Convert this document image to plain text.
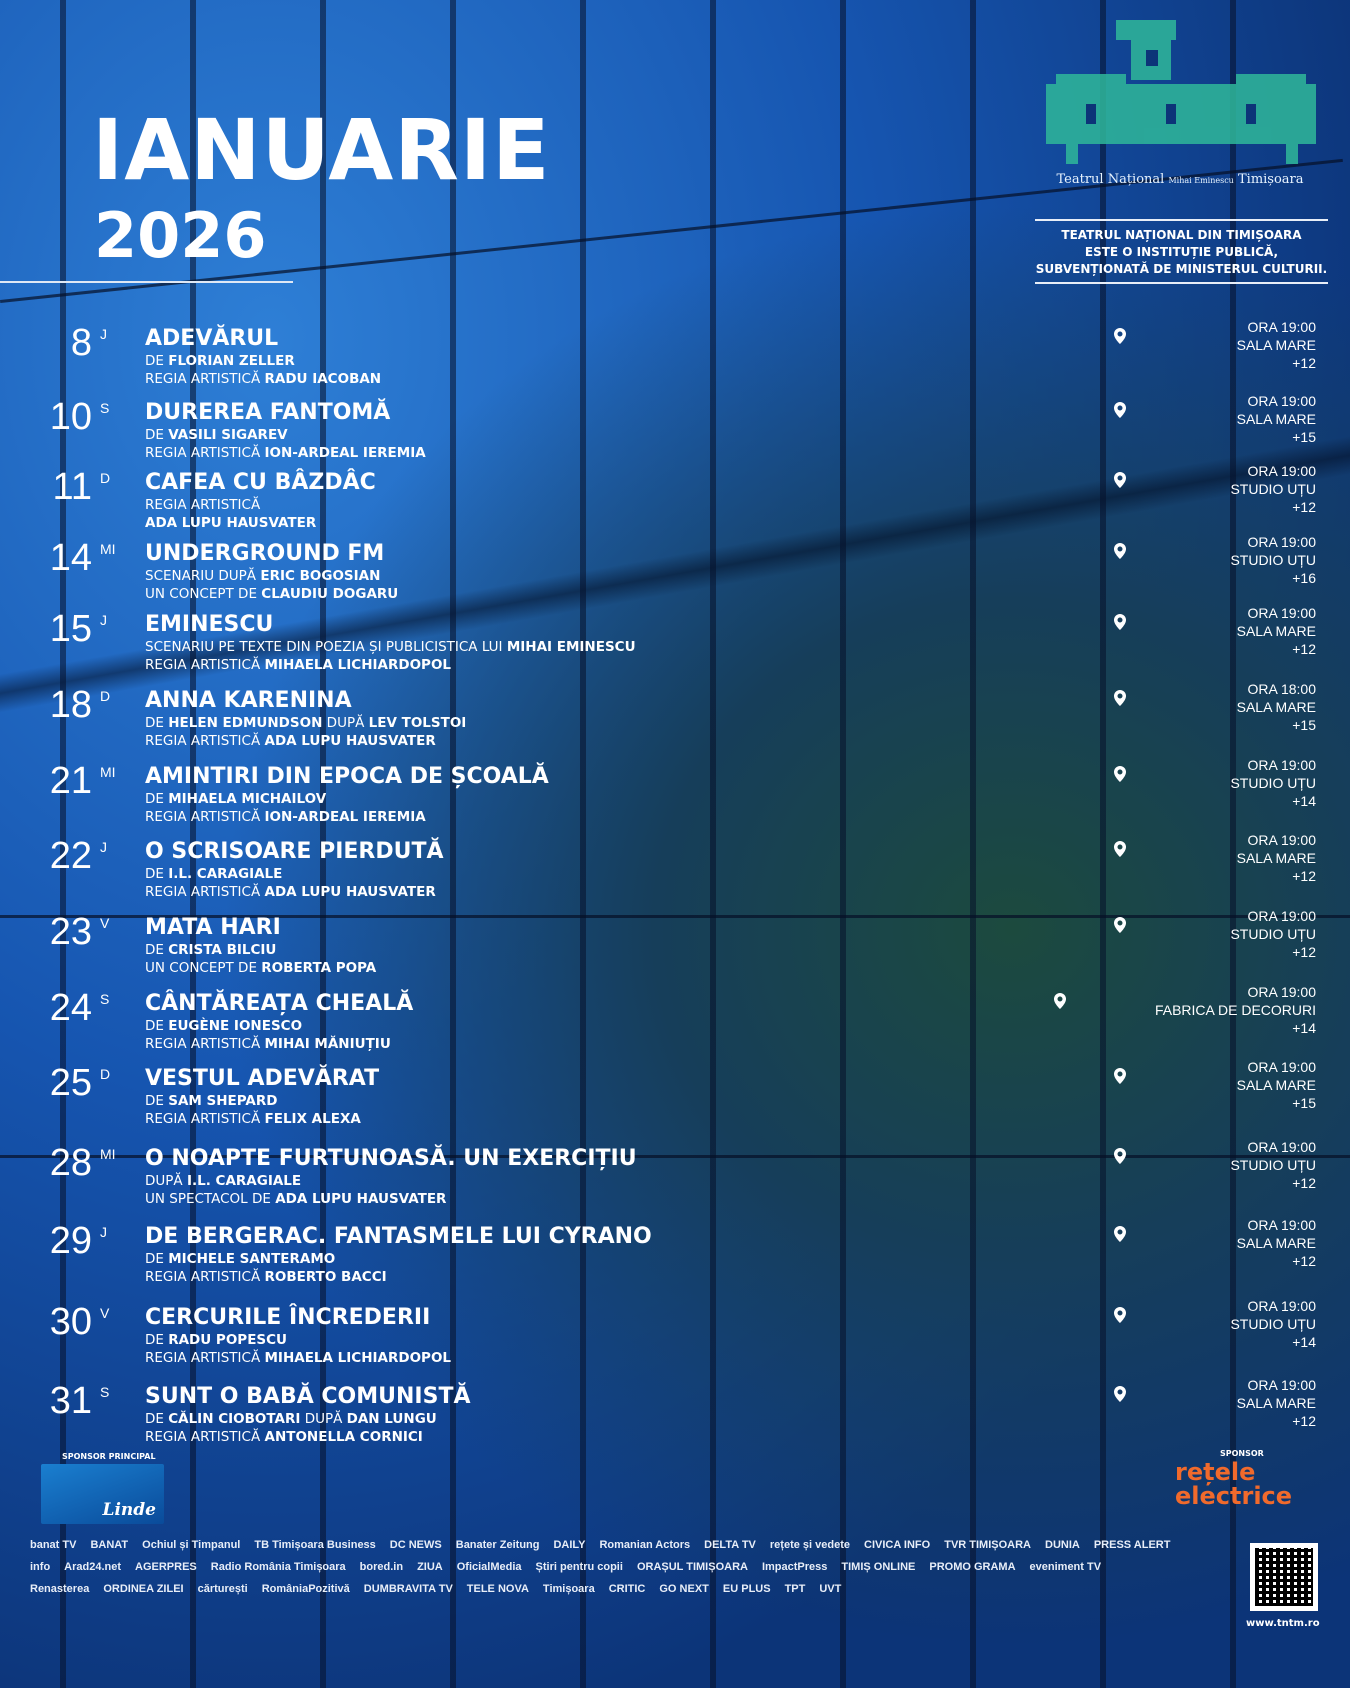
IANUARIE
2026
Teatrul Național Mihai Eminescu Timișoara
TEATRUL NAȚIONAL DIN TIMIȘOARA
ESTE O INSTITUȚIE PUBLICĂ,
SUBVENȚIONATĂ DE MINISTERUL CULTURII.
8 J ADEVĂRUL
DE FLORIAN ZELLER
REGIA ARTISTICĂ RADU IACOBAN
ORA 19:00
SALA MARE
+12
10 S DUREREA FANTOMĂ
DE VASILI SIGAREV
REGIA ARTISTICĂ ION-ARDEAL IEREMIA
ORA 19:00
SALA MARE
+15
11 D CAFEA CU BÂZDÂC
REGIA ARTISTICĂ
ADA LUPU HAUSVATER
ORA 19:00
STUDIO UȚU
+12
14 MI UNDERGROUND FM
SCENARIU DUPĂ ERIC BOGOSIAN
UN CONCEPT DE CLAUDIU DOGARU
ORA 19:00
STUDIO UȚU
+16
15 J EMINESCU
SCENARIU PE TEXTE DIN POEZIA ȘI PUBLICISTICA LUI MIHAI EMINESCU
REGIA ARTISTICĂ MIHAELA LICHIARDOPOL
ORA 19:00
SALA MARE
+12
18 D ANNA KARENINA
DE HELEN EDMUNDSON DUPĂ LEV TOLSTOI
REGIA ARTISTICĂ ADA LUPU HAUSVATER
ORA 18:00
SALA MARE
+15
21 MI AMINTIRI DIN EPOCA DE ȘCOALĂ
DE MIHAELA MICHAILOV
REGIA ARTISTICĂ ION-ARDEAL IEREMIA
ORA 19:00
STUDIO UȚU
+14
22 J O SCRISOARE PIERDUTĂ
DE I.L. CARAGIALE
REGIA ARTISTICĂ ADA LUPU HAUSVATER
ORA 19:00
SALA MARE
+12
23 V MATA HARI
DE CRISTA BILCIU
UN CONCEPT DE ROBERTA POPA
ORA 19:00
STUDIO UȚU
+12
24 S CÂNTĂREAȚA CHEALĂ
DE EUGÈNE IONESCO
REGIA ARTISTICĂ MIHAI MĂNIUȚIU
ORA 19:00
FABRICA DE DECORURI
+14
25 D VESTUL ADEVĂRAT
DE SAM SHEPARD
REGIA ARTISTICĂ FELIX ALEXA
ORA 19:00
SALA MARE
+15
28 MI O NOAPTE FURTUNOASĂ. UN EXERCIȚIU
DUPĂ I.L. CARAGIALE
UN SPECTACOL DE ADA LUPU HAUSVATER
ORA 19:00
STUDIO UȚU
+12
29 J DE BERGERAC. FANTASMELE LUI CYRANO
DE MICHELE SANTERAMO
REGIA ARTISTICĂ ROBERTO BACCI
ORA 19:00
SALA MARE
+12
30 V CERCURILE ÎNCREDERII
DE RADU POPESCU
REGIA ARTISTICĂ MIHAELA LICHIARDOPOL
ORA 19:00
STUDIO UȚU
+14
31 S SUNT O BABĂ COMUNISTĂ
DE CĂLIN CIOBOTARI DUPĂ DAN LUNGU
REGIA ARTISTICĂ ANTONELLA CORNICI
ORA 19:00
SALA MARE
+12
SPONSOR PRINCIPAL
Linde
SPONSOR
rețele
electrice
banat TV BANAT Ochiul și Timpanul TB Timișoara Business DC NEWS Banater Zeitung DAILY Romanian Actors DELTA TV rețete și vedete CIVICA INFO TVR TIMIȘOARA DUNIA PRESS ALERT
info Arad24.net AGERPRES Radio România Timișoara bored.in ZIUA OficialMedia Știri pentru copii ORAȘUL TIMIȘOARA ImpactPress TIMIȘ ONLINE PROMO GRAMA eveniment TV
Renasterea ORDINEA ZILEI cărturești RomâniaPozitivă DUMBRAVITA TV TELE NOVA Timișoara CRITIC GO NEXT EU PLUS TPT UVT
www.tntm.ro
